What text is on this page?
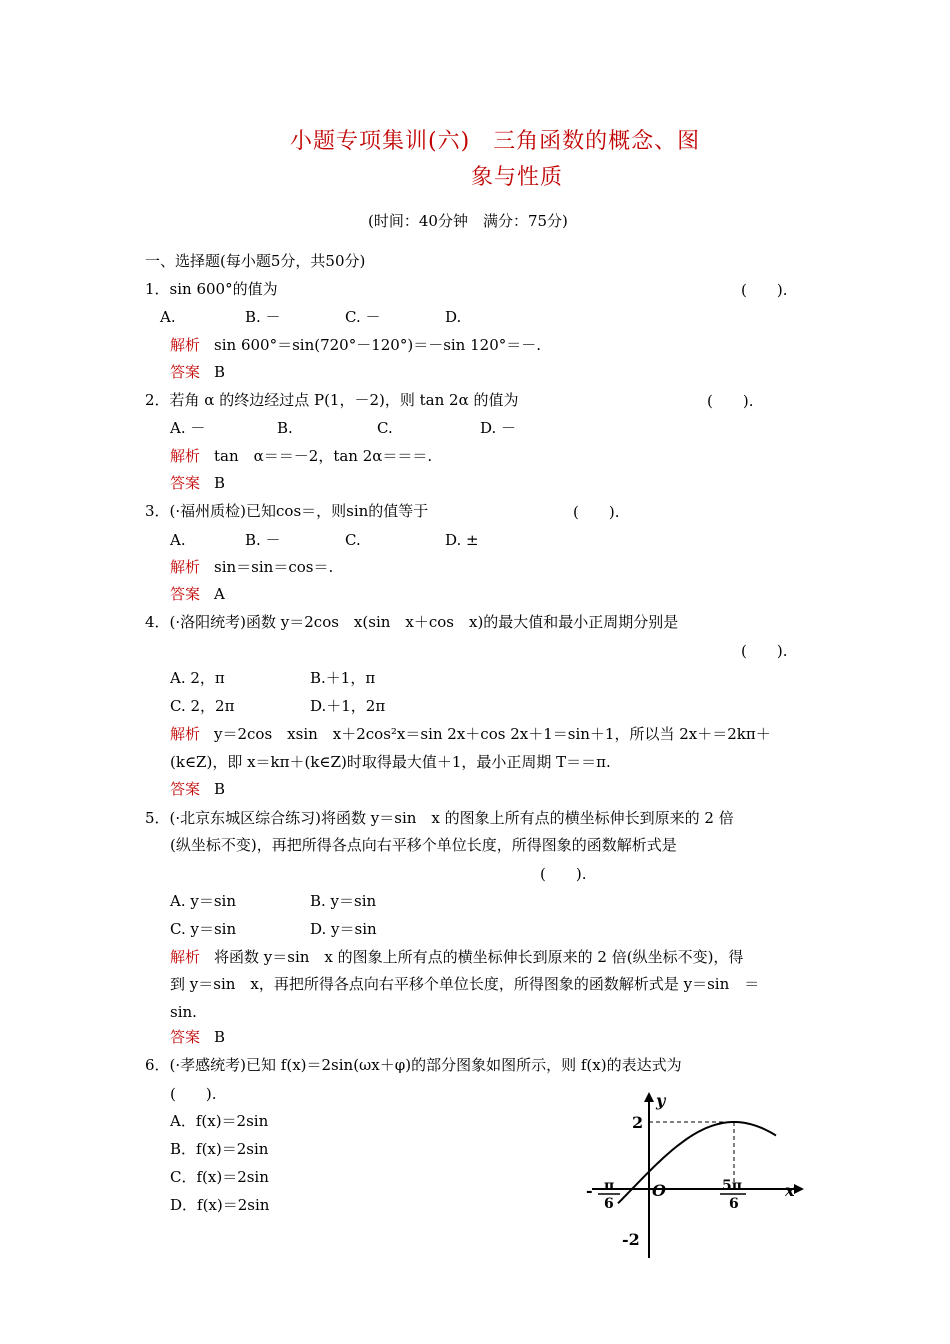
小题专项集训(六)　三角函数的概念、图
象与性质
(时间：40分钟　满分：75分)
一、选择题(每小题5分，共50分)
1．sin 600°的值为	(　　).
A.	B. －	C. －	D.
解析 sin 600°＝sin(720°－120°)＝－sin 120°＝－.
答案 B
2．若角 α 的终边经过点 P(1，－2)，则 tan 2α 的值为	(　　).
A. －	B.	C.	D. －
解析 tan　α＝＝－2，tan 2α＝＝＝.
答案 B
3．(·福州质检)已知cos＝，则sin的值等于	(　　).
A.	B. －	C.	D. ±
解析 sin＝sin＝cos＝.
答案 A
4．(·洛阳统考)函数 y＝2cos　x(sin　x＋cos　x)的最大值和最小正周期分别是
(　　).
A. 2，π	B.＋1，π
C. 2，2π	D.＋1，2π
解析 y＝2cos　xsin　x＋2cos²x＝sin 2x＋cos 2x＋1＝sin＋1，所以当 2x＋＝2kπ＋
(k∈Z)，即 x＝kπ＋(k∈Z)时取得最大值＋1，最小正周期 T＝＝π.
答案 B
5．(·北京东城区综合练习)将函数 y＝sin　x 的图象上所有点的横坐标伸长到原来的 2 倍
(纵坐标不变)，再把所得各点向右平移个单位长度，所得图象的函数解析式是
(　　).
A. y＝sin	B. y＝sin
C. y＝sin	D. y＝sin
解析 将函数 y＝sin　x 的图象上所有点的横坐标伸长到原来的 2 倍(纵坐标不变)，得
到 y＝sin　x，再把所得各点向右平移个单位长度，所得图象的函数解析式是 y＝sin　＝
sin.
答案 B
6．(·孝感统考)已知 f(x)＝2sin(ωx＋φ)的部分图象如图所示，则 f(x)的表达式为
(　　).
A．f(x)＝2sin
B．f(x)＝2sin
C．f(x)＝2sin
D．f(x)＝2sin
y
x
O
2
-2
- π
6
5π
6
